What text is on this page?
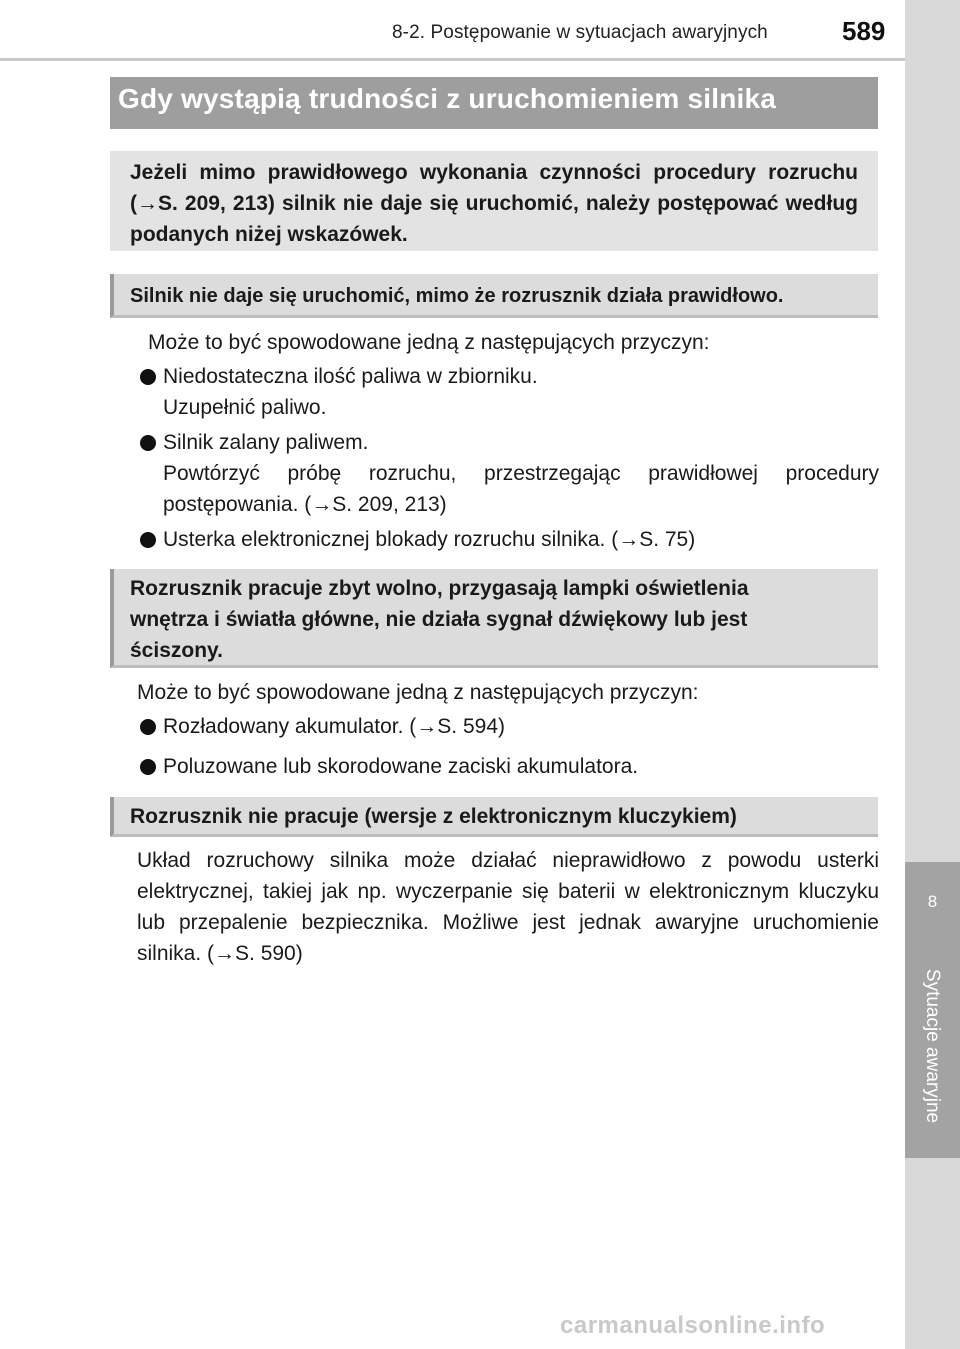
8-2. Postępowanie w sytuacjach awaryjnych	589
8
Sytuacje awaryjne
Gdy wystąpią trudności z uruchomieniem silnika
Jeżeli mimo prawidłowego wykonania czynności procedury rozruchu (→S. 209, 213) silnik nie daje się uruchomić, należy postępować według podanych niżej wskazówek.
Silnik nie daje się uruchomić, mimo że rozrusznik działa prawidłowo.
Może to być spowodowane jedną z następujących przyczyn:
Niedostateczna ilość paliwa w zbiorniku.
Uzupełnić paliwo.
Silnik zalany paliwem.
Powtórzyć próbę rozruchu, przestrzegając prawidłowej procedury
postępowania. (→S. 209, 213)
Usterka elektronicznej blokady rozruchu silnika. (→S. 75)
Rozrusznik pracuje zbyt wolno, przygasają lampki oświetlenia
wnętrza i światła główne, nie działa sygnał dźwiękowy lub jest
ściszony.
Może to być spowodowane jedną z następujących przyczyn:
Rozładowany akumulator. (→S. 594)
Poluzowane lub skorodowane zaciski akumulatora.
Rozrusznik nie pracuje (wersje z elektronicznym kluczykiem)
Układ rozruchowy silnika może działać nieprawidłowo z powodu usterki elektrycznej, takiej jak np. wyczerpanie się baterii w elektronicznym kluczyku lub przepalenie bezpiecznika. Możliwe jest jednak awaryjne uruchomienie silnika. (→S. 590)
carmanualsonline.info
